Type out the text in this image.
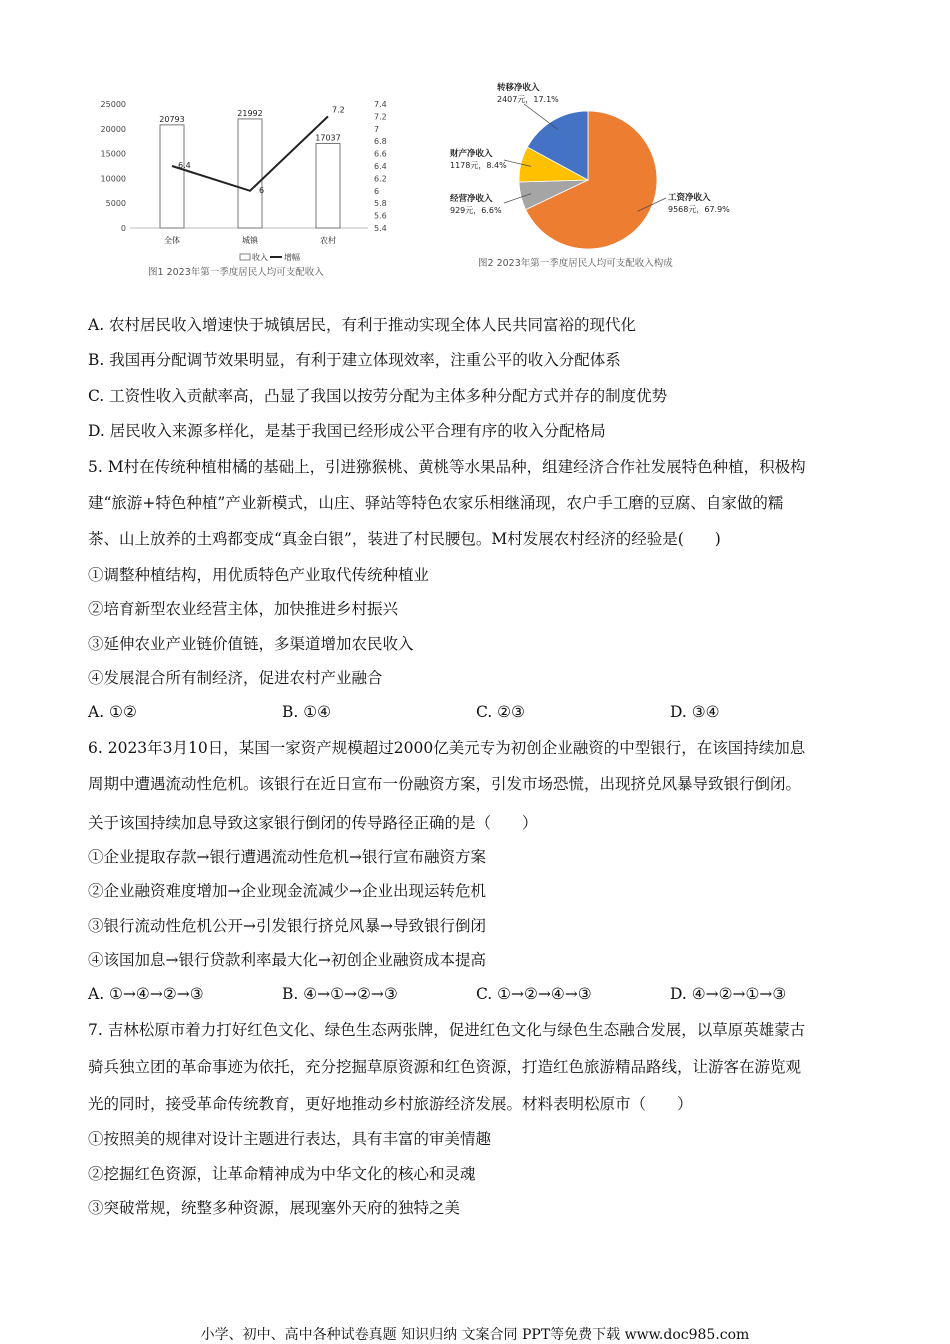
0
5000
10000
15000
20000
25000
5.4
5.6
5.8
6
6.2
6.4
6.6
6.8
7
7.2
7.4
20793
21992
17037
6.4
6
7.2
全体	城镇	农村
收入 增幅
图1 2023年第一季度居民人均可支配收入
工资净收入
9568元，67.9%
经营净收入
929元，6.6%
财产净收入
1178元，8.4%
转移净收入
2407元，17.1%
图2 2023年第一季度居民人均可支配收入构成
A. 农村居民收入增速快于城镇居民，有利于推动实现全体人民共同富裕的现代化
B. 我国再分配调节效果明显，有利于建立体现效率，注重公平的收入分配体系
C. 工资性收入贡献率高，凸显了我国以按劳分配为主体多种分配方式并存的制度优势
D. 居民收入来源多样化，是基于我国已经形成公平合理有序的收入分配格局
5. M村在传统种植柑橘的基础上，引进猕猴桃、黄桃等水果品种，组建经济合作社发展特色种植，积极构
建“旅游+特色种植”产业新模式，山庄、驿站等特色农家乐相继涌现，农户手工磨的豆腐、自家做的糯
茶、山上放养的土鸡都变成“真金白银”，装进了村民腰包。M村发展农村经济的经验是(　　)
①调整种植结构，用优质特色产业取代传统种植业
②培育新型农业经营主体，加快推进乡村振兴
③延伸农业产业链价值链，多渠道增加农民收入
④发展混合所有制经济，促进农村产业融合
A. ①②	B. ①④	C. ②③	D. ③④
6. 2023年3月10日，某国一家资产规模超过2000亿美元专为初创企业融资的中型银行，在该国持续加息
周期中遭遇流动性危机。该银行在近日宣布一份融资方案，引发市场恐慌，出现挤兑风暴导致银行倒闭。
关于该国持续加息导致这家银行倒闭的传导路径正确的是（　　）
①企业提取存款→银行遭遇流动性危机→银行宣布融资方案
②企业融资难度增加→企业现金流减少→企业出现运转危机
③银行流动性危机公开→引发银行挤兑风暴→导致银行倒闭
④该国加息→银行贷款利率最大化→初创企业融资成本提高
A. ①→④→②→③	B. ④→①→②→③	C. ①→②→④→③	D. ④→②→①→③
7. 吉林松原市着力打好红色文化、绿色生态两张牌，促进红色文化与绿色生态融合发展，以草原英雄蒙古
骑兵独立团的革命事迹为依托，充分挖掘草原资源和红色资源，打造红色旅游精品路线，让游客在游览观
光的同时，接受革命传统教育，更好地推动乡村旅游经济发展。材料表明松原市（　　）
①按照美的规律对设计主题进行表达，具有丰富的审美情趣
②挖掘红色资源，让革命精神成为中华文化的核心和灵魂
③突破常规，统整多种资源，展现塞外天府的独特之美
小学、初中、高中各种试卷真题 知识归纳 文案合同 PPT等免费下载 www.doc985.com
